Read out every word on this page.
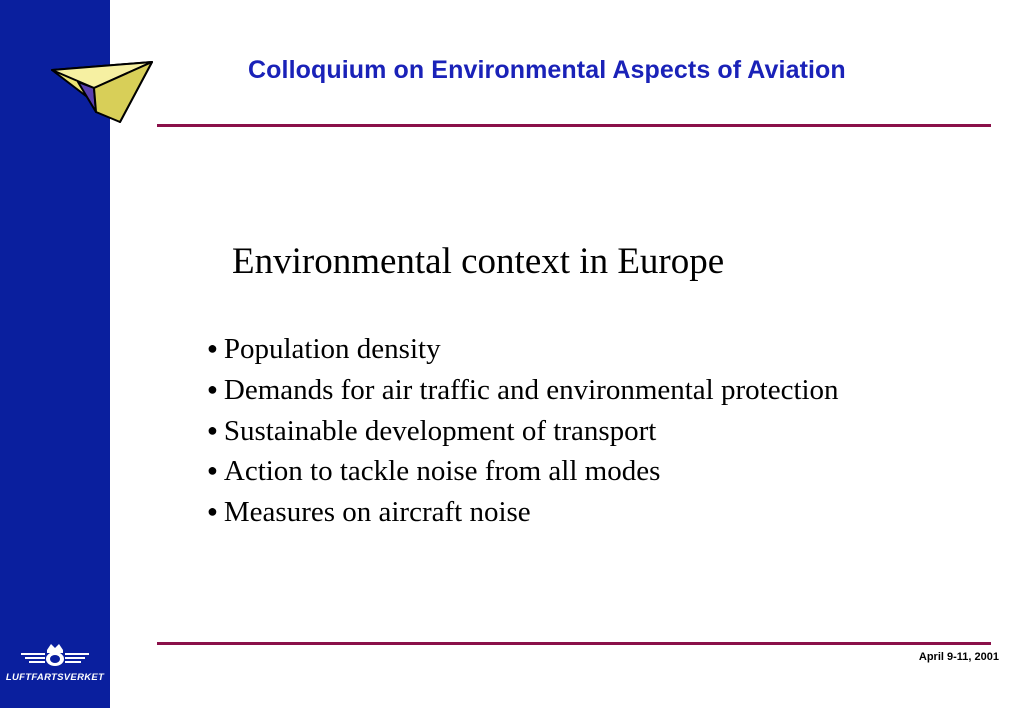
Colloquium on Environmental Aspects of Aviation
Environmental context in Europe
● Population density
● Demands for air traffic and environmental protection
● Sustainable development of transport
● Action to tackle noise from all modes
● Measures on aircraft noise
April 9-11, 2001
LUFTFARTSVERKET
